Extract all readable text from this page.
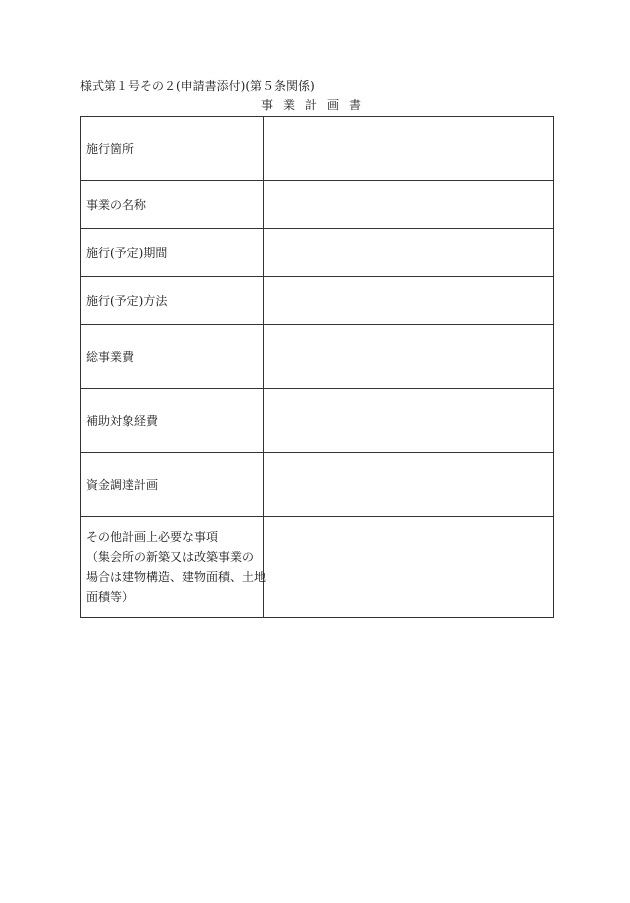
様式第１号その２(申請書添付)(第５条関係)
事業計画書
施行箇所	
事業の名称	
施行(予定)期間	
施行(予定)方法	
総事業費	
補助対象経費	
資金調達計画	

その他計画上必要な事項
（集会所の新築又は改築事業の
場合は建物構造、建物面積、土地
面積等）	
